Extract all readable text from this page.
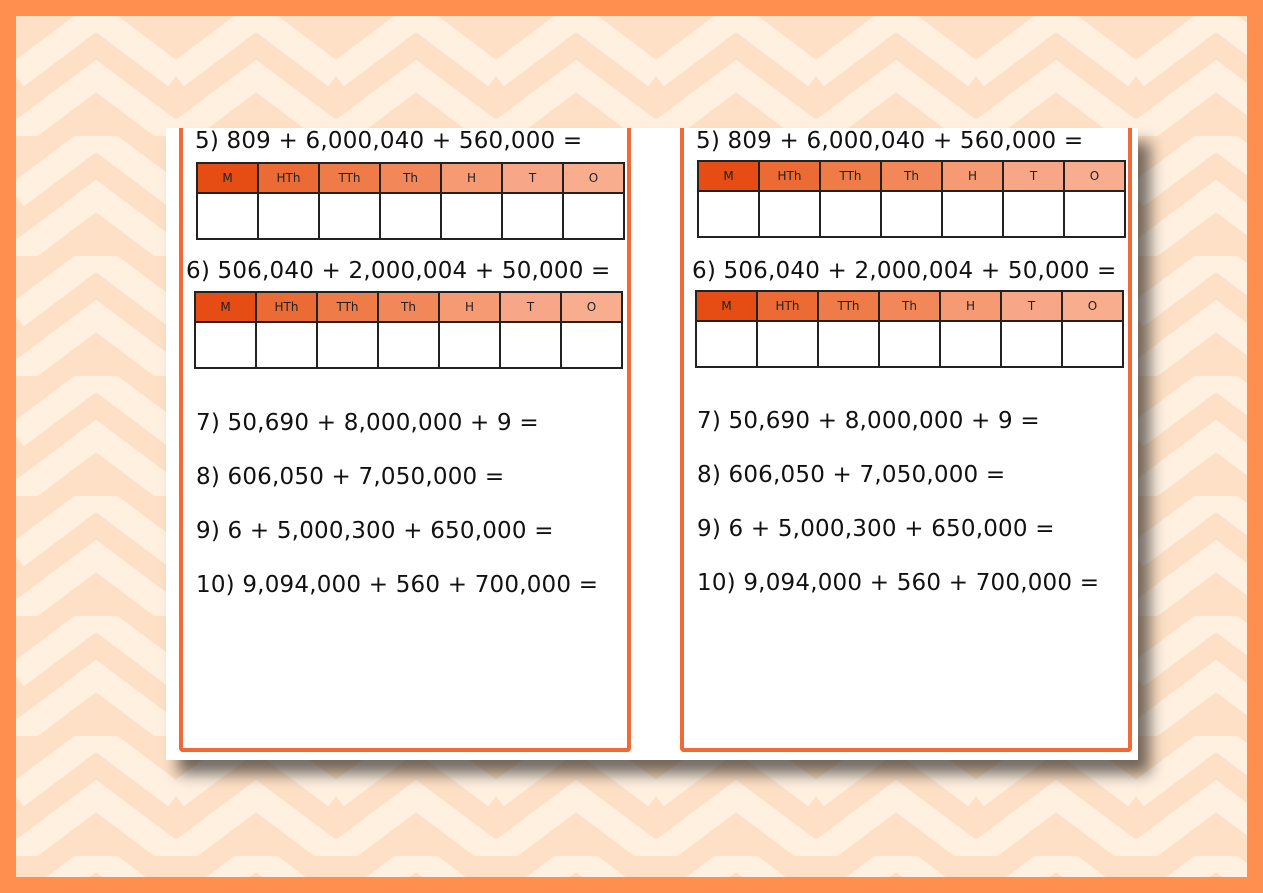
5) 809 + 6,000,040 + 560,000 =
M	HTh	TTh	Th	H	T	O

6) 506,040 + 2,000,004 + 50,000 =
M	HTh	TTh	Th	H	T	O

7) 50,690 + 8,000,000 + 9 =
8) 606,050 + 7,050,000 =
9) 6 + 5,000,300 + 650,000 =
10) 9,094,000 + 560 + 700,000 =
5) 809 + 6,000,040 + 560,000 =
M	HTh	TTh	Th	H	T	O

6) 506,040 + 2,000,004 + 50,000 =
M	HTh	TTh	Th	H	T	O

7) 50,690 + 8,000,000 + 9 =
8) 606,050 + 7,050,000 =
9) 6 + 5,000,300 + 650,000 =
10) 9,094,000 + 560 + 700,000 =
